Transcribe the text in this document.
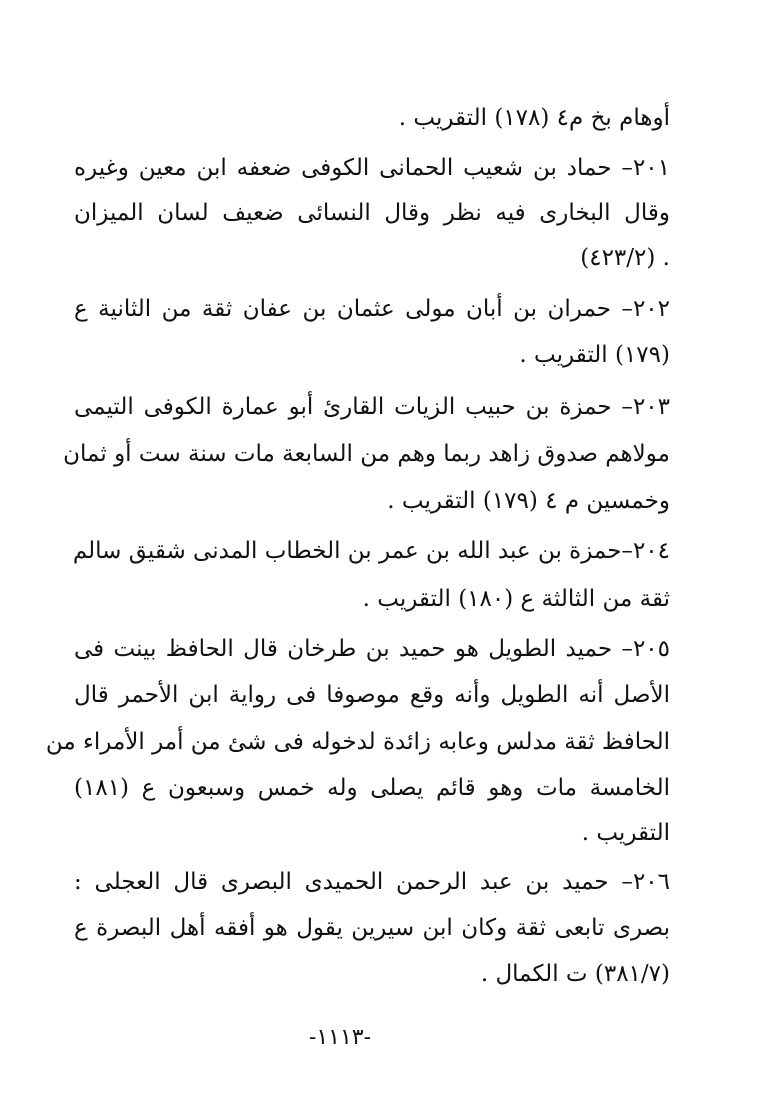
أوهام بخ م٤ (١٧٨) التقريب .
٢٠١– حماد بن شعيب الحمانى الكوفى ضعفه ابن معين وغيره
وقال البخارى فيه نظر وقال النسائى ضعيف لسان الميزان
(٤٢٣/٢) .
٢٠٢– حمران بن أبان مولى عثمان بن عفان ثقة من الثانية ع
(١٧٩) التقريب .
٢٠٣– حمزة بن حبيب الزيات القارئ أبو عمارة الكوفى التيمى
مولاهم صدوق زاهد ربما وهم من السابعة مات سنة ست أو ثمان
وخمسين م ٤ (١٧٩) التقريب .
٢٠٤–حمزة بن عبد الله بن عمر بن الخطاب المدنى شقيق سالم
ثقة من الثالثة ع (١٨٠) التقريب .
٢٠٥– حميد الطويل هو حميد بن طرخان قال الحافظ بينت فى
الأصل أنه الطويل وأنه وقع موصوفا فى رواية ابن الأحمر قال
الحافظ ثقة مدلس وعابه زائدة لدخوله فى شئ من أمر الأمراء من
الخامسة مات وهو قائم يصلى وله خمس وسبعون ع (١٨١)
التقريب .
٢٠٦– حميد بن عبد الرحمن الحميدى البصرى قال العجلى :
بصرى تابعى ثقة وكان ابن سيرين يقول هو أفقه أهل البصرة ع
(٣٨١/٧) ت الكمال .
-١١١٣-
